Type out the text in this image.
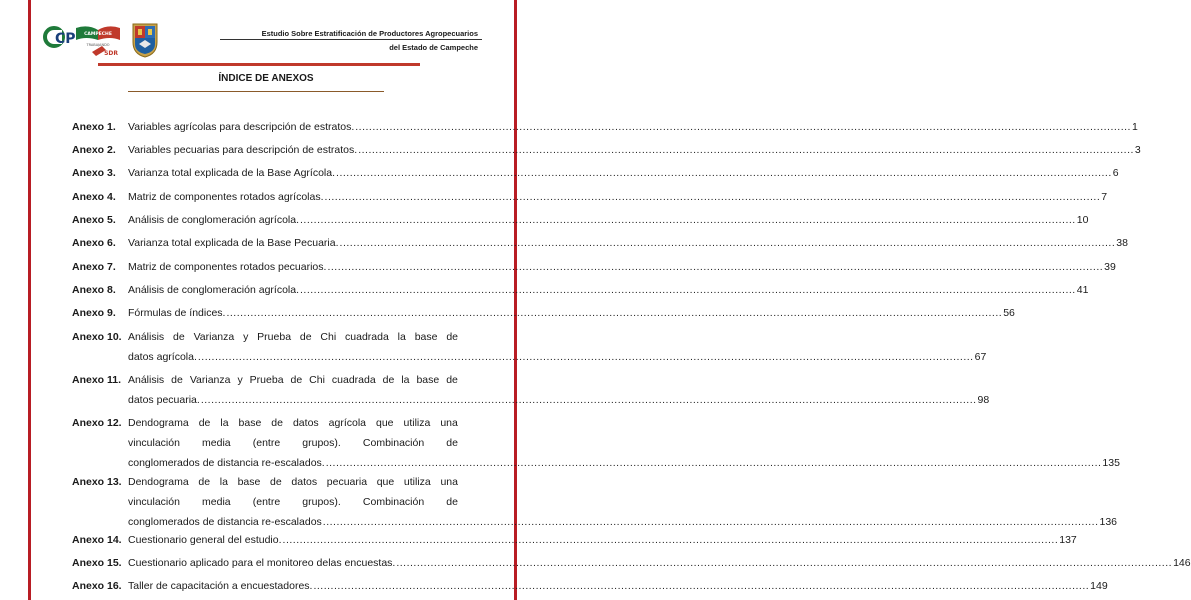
CP CAMPECHE
TRABAJANDO
SDR
Estudio Sobre Estratificación de Productores Agropecuarios
del Estado de Campeche
ÍNDICE DE ANEXOS
Anexo 1. Variables agrícolas para descripción de estratos. .....	1
Anexo 2. Variables pecuarias para descripción de estratos. .....	3
Anexo 3. Varianza total explicada de la Base Agrícola. .....	6
Anexo 4. Matriz de componentes rotados agrícolas. .....	7
Anexo 5. Análisis de conglomeración agrícola. .....	10
Anexo 6. Varianza total explicada de la Base Pecuaria. .....	38
Anexo 7. Matriz de componentes rotados pecuarios. .....	39
Anexo 8. Análisis de conglomeración agrícola. .....	41
Anexo 9. Fórmulas de índices. .....	56
Anexo 10. Análisis de Varianza y Prueba de Chi cuadrada la base de
datos agrícola. .....	67
Anexo 11. Análisis de Varianza y Prueba de Chi cuadrada de la base de
datos pecuaria. .....	98
Anexo 12. Dendograma de la base de datos agrícola que utiliza una
vinculación media (entre grupos). Combinación de
conglomerados de distancia re-escalados. .....	135
Anexo 13. Dendograma de la base de datos pecuaria que utiliza una
vinculación media (entre grupos). Combinación de
conglomerados de distancia re-escalados .....	136
Anexo 14. Cuestionario general del estudio. .....	137
Anexo 15. Cuestionario aplicado para el monitoreo delas encuestas. .....	146
Anexo 16. Taller de capacitación a encuestadores. .....	149
